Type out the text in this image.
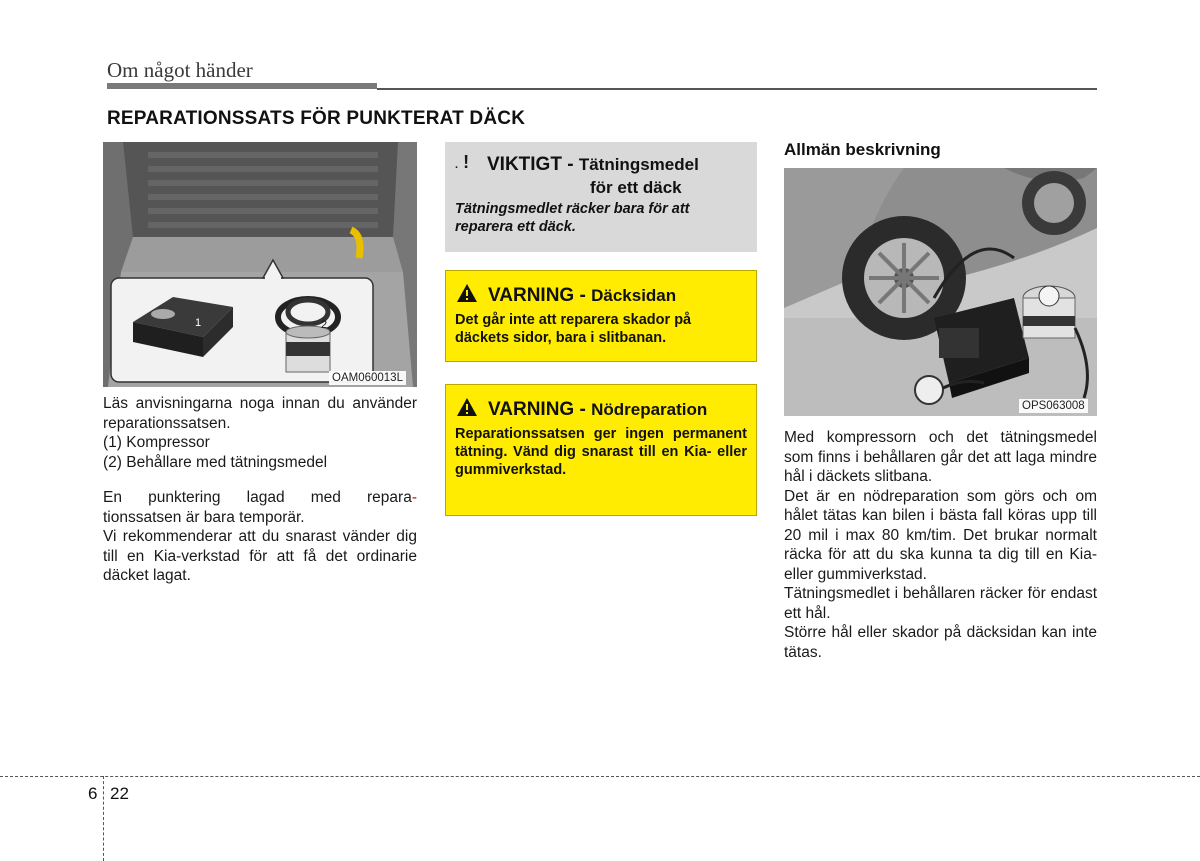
Om något händer
REPARATIONSSATS FÖR PUNKTERAT DÄCK
1	2
OAM060013L

Läs anvisningarna noga innan du använder reparationssatsen.

(1) Kompressor

(2) Behållare med tätningsmedel

En punktering lagad med repara-

tionssatsen är bara temporär.

Vi rekommenderar att du snarast vänder dig till en Kia-verkstad för att få det ordinarie däcket lagat.

. ! VIKTIGT - Tätningsmedel
för ett däck
Tätningsmedlet räcker bara för att reparera ett däck.
VARNING - Däcksidan
Det går inte att reparera skador på däckets sidor, bara i slitbanan.
VARNING - Nödreparation
Reparationssatsen ger ingen permanent tätning. Vänd dig snarast till en Kia- eller gummiverkstad.
Allmän beskrivning
OPS063008

Med kompressorn och det tätningsmedel som finns i behållaren går det att laga mindre hål i däckets slitbana.

Det är en nödreparation som görs och om hålet tätas kan bilen i bästa fall köras upp till 20 mil i max 80 km/tim. Det brukar normalt räcka för att du ska kunna ta dig till en Kia- eller gummiverkstad.

Tätningsmedlet i behållaren räcker för endast ett hål.

Större hål eller skador på däcksidan kan inte tätas.

6 22
